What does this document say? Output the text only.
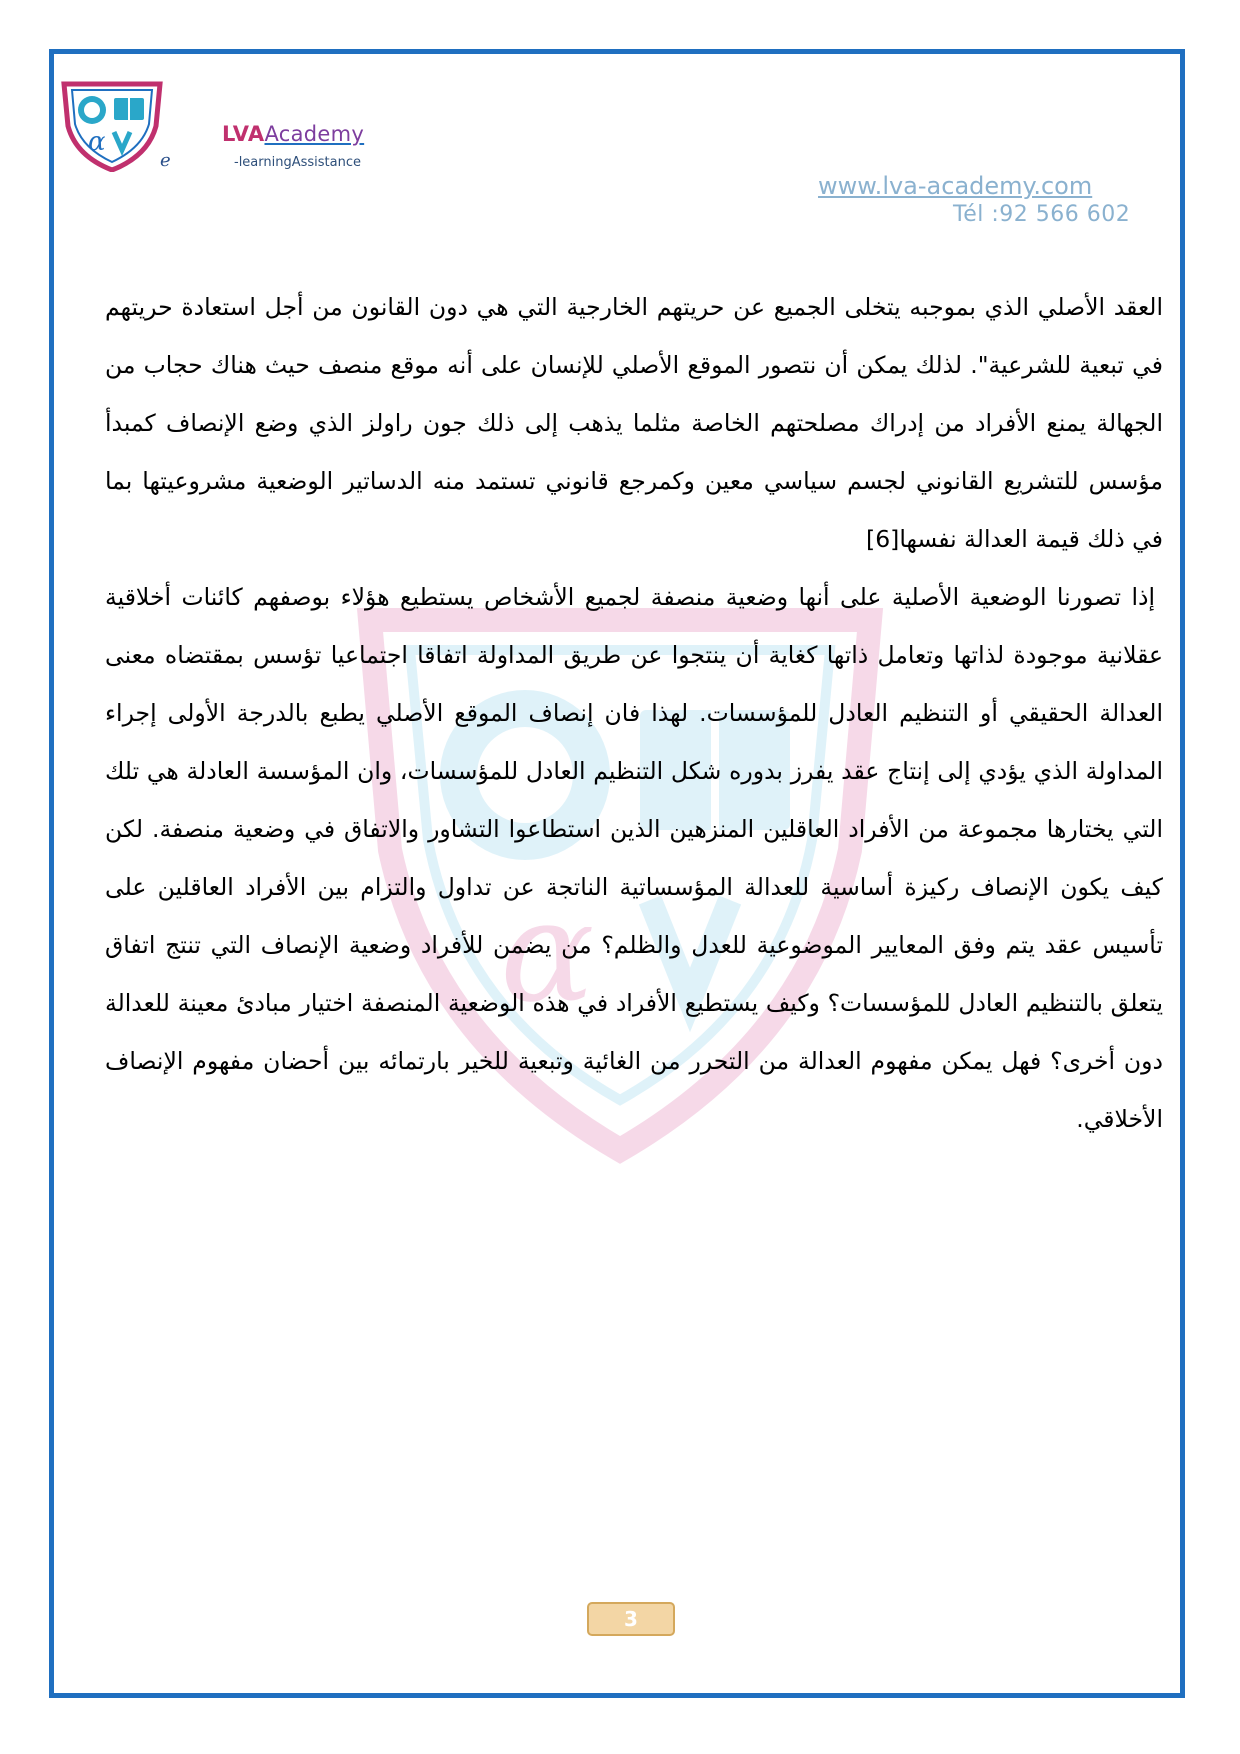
α
e
LVAAcademy
-learningAssistance
www.lva-academy.com
Tél :92 566 602
α

العقد الأصلي الذي بموجبه يتخلى الجميع عن حريتهم الخارجية التي هي دون القانون من أجل استعادة حريتهم في تبعية للشرعية". لذلك يمكن أن نتصور الموقع الأصلي للإنسان على أنه موقع منصف حيث هناك حجاب من الجهالة يمنع الأفراد من إدراك مصلحتهم الخاصة مثلما يذهب إلى ذلك جون راولز الذي وضع الإنصاف كمبدأ مؤسس للتشريع القانوني لجسم سياسي معين وكمرجع قانوني تستمد منه الدساتير الوضعية مشروعيتها بما في ذلك قيمة العدالة نفسها[6]

إذا تصورنا الوضعية الأصلية على أنها وضعية منصفة لجميع الأشخاص يستطيع هؤلاء بوصفهم كائنات أخلاقية عقلانية موجودة لذاتها وتعامل ذاتها كغاية أن ينتجوا عن طريق المداولة اتفاقا اجتماعيا تؤسس بمقتضاه معنى العدالة الحقيقي أو التنظيم العادل للمؤسسات. لهذا فان إنصاف الموقع الأصلي يطبع بالدرجة الأولى إجراء المداولة الذي يؤدي إلى إنتاج عقد يفرز بدوره شكل التنظيم العادل للمؤسسات، وان المؤسسة العادلة هي تلك التي يختارها مجموعة من الأفراد العاقلين المنزهين الذين استطاعوا التشاور والاتفاق في وضعية منصفة. لكن كيف يكون الإنصاف ركيزة أساسية للعدالة المؤسساتية الناتجة عن تداول والتزام بين الأفراد العاقلين على تأسيس عقد يتم وفق المعايير الموضوعية للعدل والظلم؟ من يضمن للأفراد وضعية الإنصاف التي تنتج اتفاق يتعلق بالتنظيم العادل للمؤسسات؟ وكيف يستطيع الأفراد في هذه الوضعية المنصفة اختيار مبادئ معينة للعدالة دون أخرى؟ فهل يمكن مفهوم العدالة من التحرر من الغائية وتبعية للخير بارتمائه بين أحضان مفهوم الإنصاف الأخلاقي.

3
